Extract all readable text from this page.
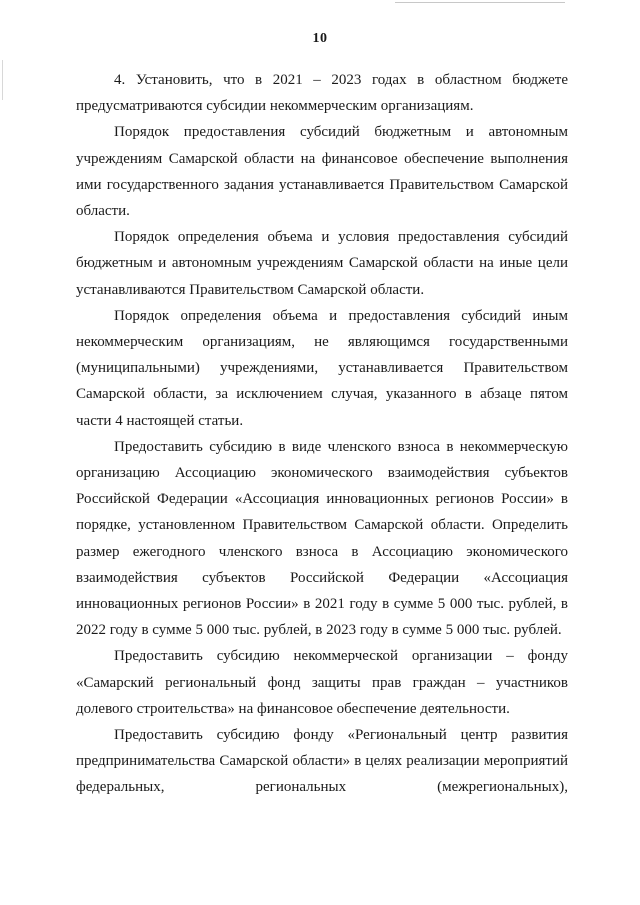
10

4. Установить, что в 2021 – 2023 годах в областном бюджете предусматриваются субсидии некоммерческим организациям.

Порядок предоставления субсидий бюджетным и автономным учреждениям Самарской области на финансовое обеспечение выполнения ими государственного задания устанавливается Правительством Самарской области.

Порядок определения объема и условия предоставления субсидий бюджетным и автономным учреждениям Самарской области на иные цели устанавливаются Правительством Самарской области.

Порядок определения объема и предоставления субсидий иным некоммерческим организациям, не являющимся государственными (муниципальными) учреждениями, устанавливается Правительством Самарской области, за исключением случая, указанного в абзаце пятом части 4 настоящей статьи.

Предоставить субсидию в виде членского взноса в некоммерческую организацию Ассоциацию экономического взаимодействия субъектов Российской Федерации «Ассоциация инновационных регионов России» в порядке, установленном Правительством Самарской области. Определить размер ежегодного членского взноса в Ассоциацию экономического взаимодействия субъектов Российской Федерации «Ассоциация инновационных регионов России» в 2021 году в сумме 5 000 тыс. рублей, в 2022 году в сумме 5 000 тыс. рублей, в 2023 году в сумме 5 000 тыс. рублей.

Предоставить субсидию некоммерческой организации – фонду «Самарский региональный фонд защиты прав граждан – участников долевого строительства» на финансовое обеспечение деятельности.

Предоставить субсидию фонду «Региональный центр развития предпринимательства Самарской области» в целях реализации мероприятий федеральных, региональных (межрегиональных),
